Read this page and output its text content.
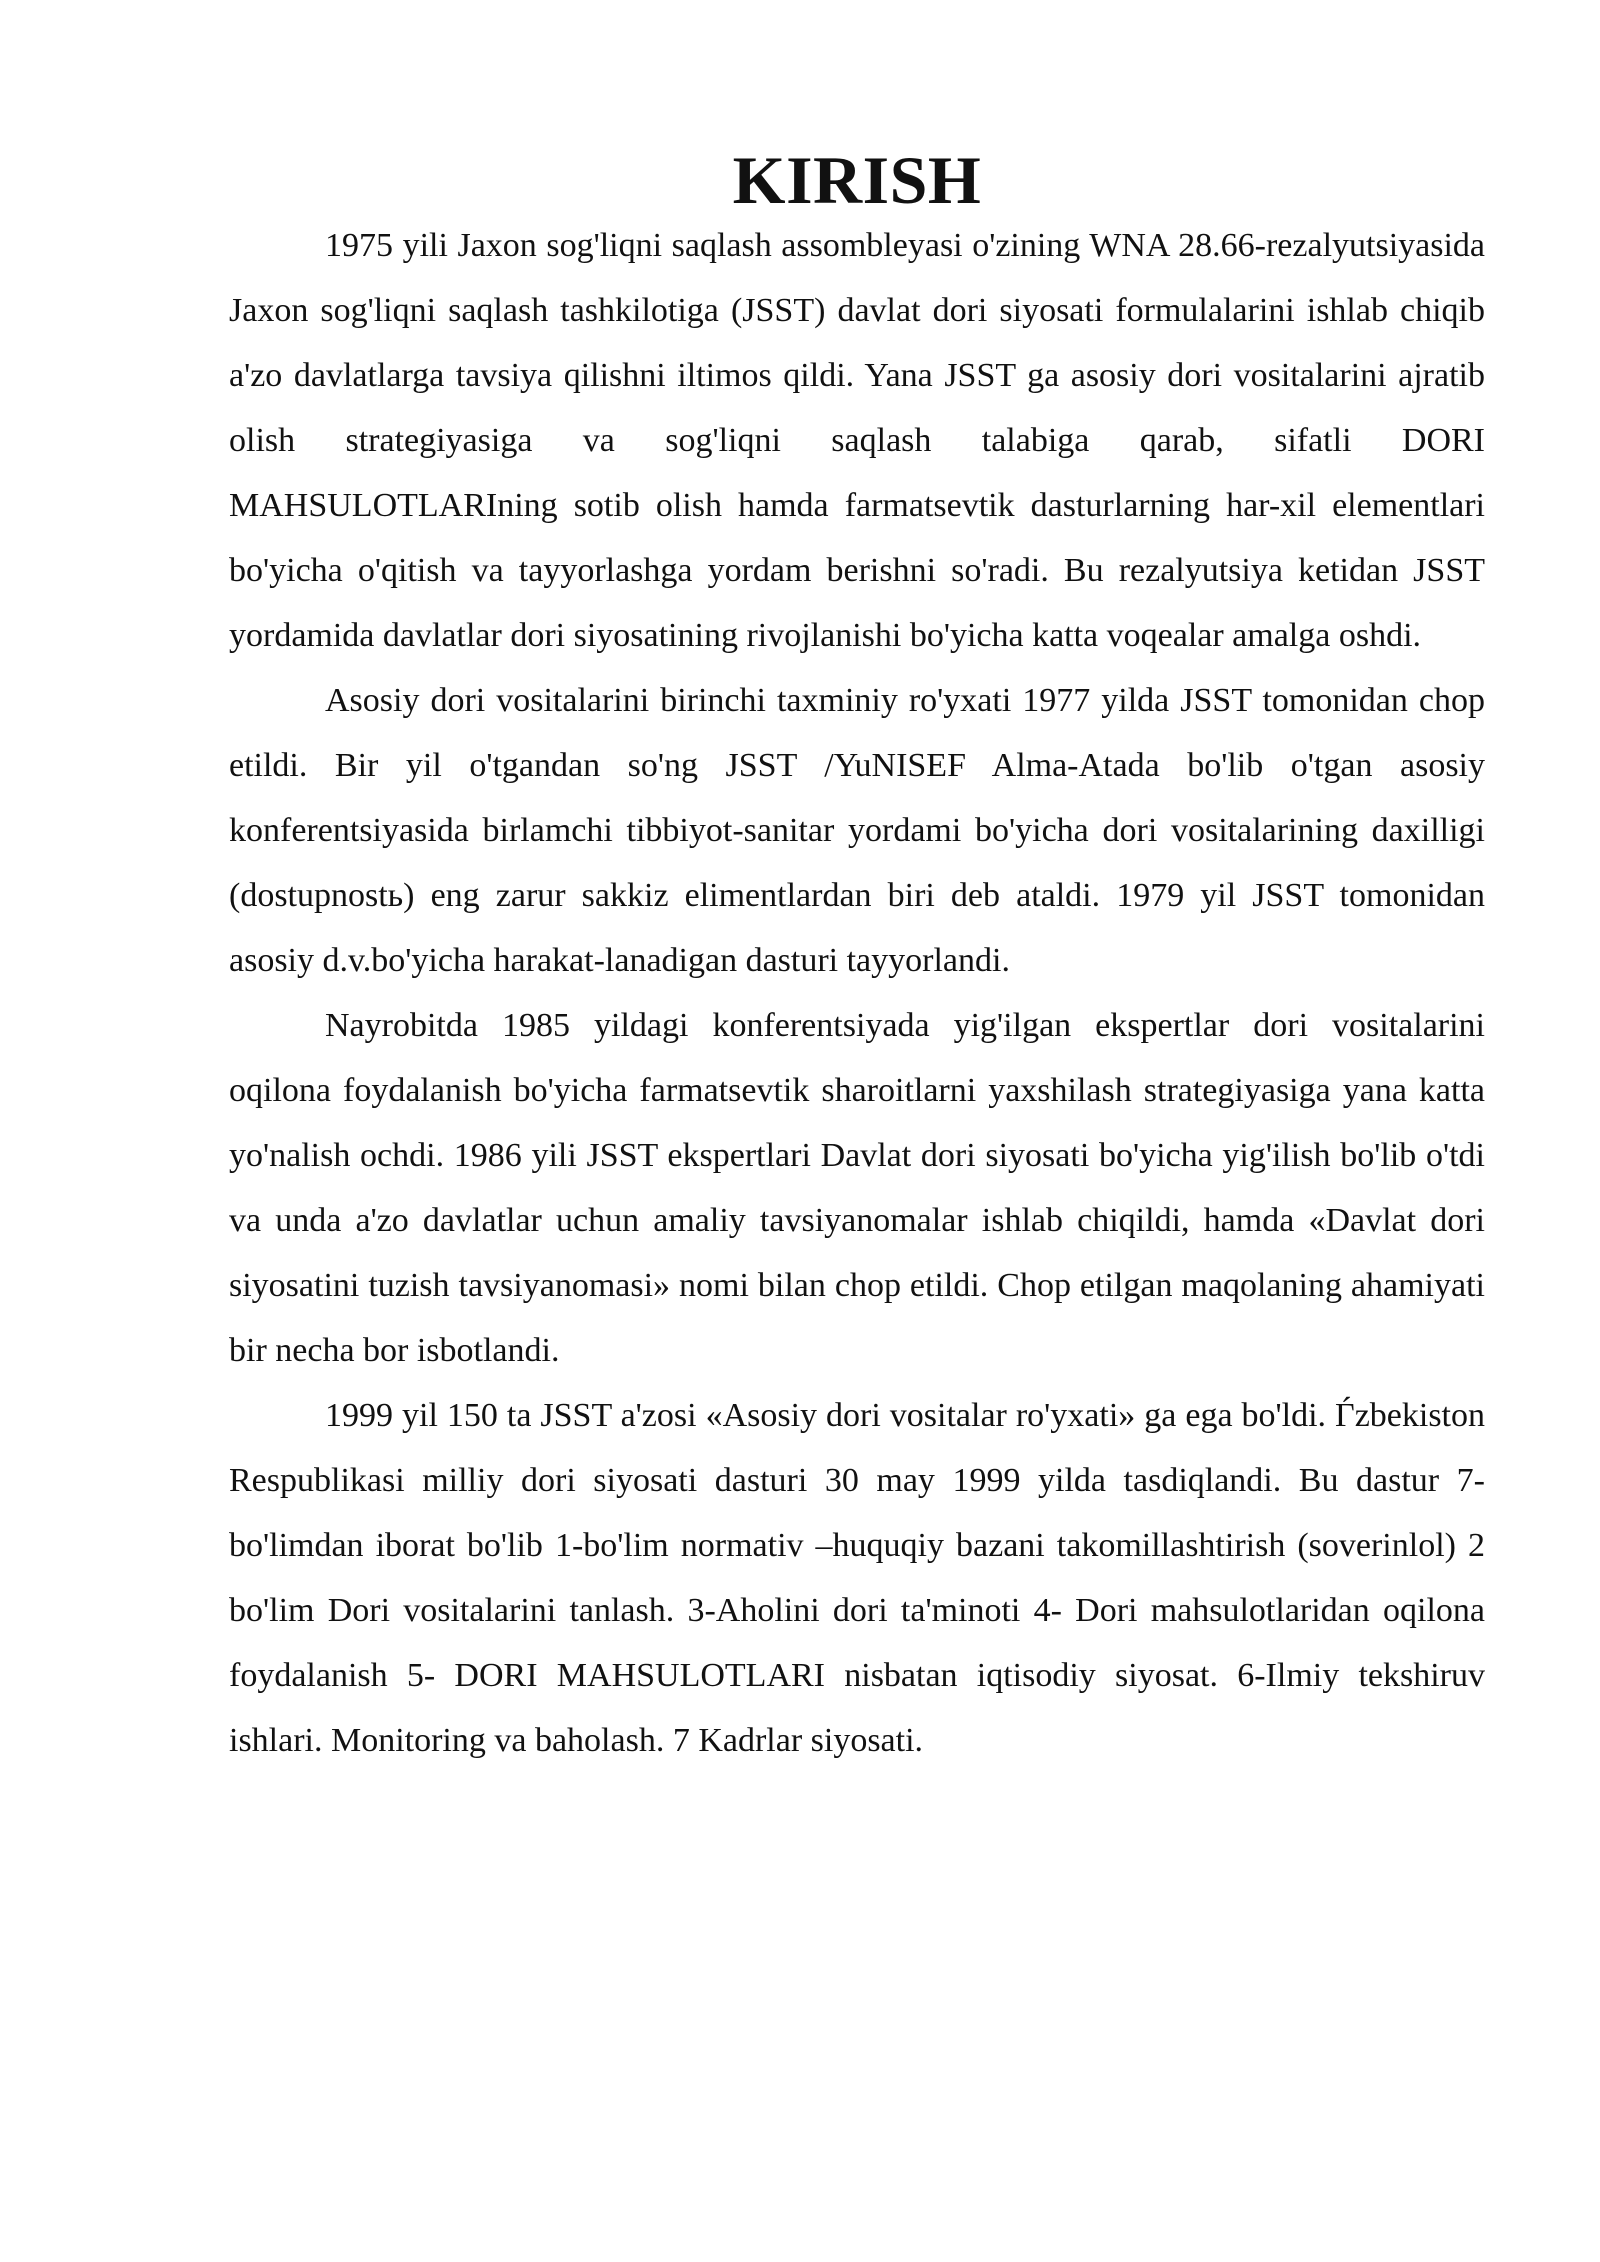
KIRISH

1975 yili Jaxon sog'liqni saqlash assombleyasi o'zining WNA 28.66-rezalyutsiyasida Jaxon sog'liqni saqlash tashkilotiga (JSST) davlat dori siyosati formulalarini ishlab chiqib a'zo davlatlarga tavsiya qilishni iltimos qildi. Yana JSST ga asosiy dori vositalarini ajratib olish strategiyasiga va sog'liqni saqlash talabiga qarab, sifatli DORI MAHSULOTLARIning sotib olish hamda farmatsevtik dasturlarning har-xil elementlari bo'yicha o'qitish va tayyorlashga yordam berishni so'radi. Bu rezalyutsiya ketidan JSST yordamida davlatlar dori siyosatining rivojlanishi bo'yicha katta voqealar amalga oshdi.

Asosiy dori vositalarini birinchi taxminiy ro'yxati 1977 yilda JSST tomonidan chop etildi. Bir yil o'tgandan so'ng JSST /YuNISEF Alma-Atada bo'lib o'tgan asosiy konferentsiyasida birlamchi tibbiyot-sanitar yordami bo'yicha dori vositalarining daxilligi (dostupnostь) eng zarur sakkiz elimentlardan biri deb ataldi. 1979 yil JSST tomonidan asosiy d.v.bo'yicha harakat-lanadigan dasturi tayyorlandi.

Nayrobitda 1985 yildagi konferentsiyada yig'ilgan ekspertlar dori vositalarini oqilona foydalanish bo'yicha farmatsevtik sharoitlarni yaxshilash strategiyasiga yana katta yo'nalish ochdi. 1986 yili JSST ekspertlari Davlat dori siyosati bo'yicha yig'ilish bo'lib o'tdi va unda a'zo davlatlar uchun amaliy tavsiyanomalar ishlab chiqildi, hamda «Davlat dori siyosatini tuzish tavsiyanomasi» nomi bilan chop etildi. Chop etilgan maqolaning ahamiyati bir necha bor isbotlandi.

1999 yil 150 ta JSST a'zosi «Asosiy dori vositalar ro'yxati» ga ega bo'ldi. Ѓzbekiston Respublikasi milliy dori siyosati dasturi 30 may 1999 yilda tasdiqlandi. Bu dastur 7-bo'limdan iborat bo'lib 1-bo'lim normativ –huquqiy bazani takomillashtirish (soverinlol) 2 bo'lim Dori vositalarini tanlash. 3-Aholini dori ta'minoti 4- Dori mahsulotlaridan oqilona foydalanish 5- DORI MAHSULOTLARI nisbatan iqtisodiy siyosat. 6-Ilmiy tekshiruv ishlari. Monitoring va baholash. 7 Kadrlar siyosati.
